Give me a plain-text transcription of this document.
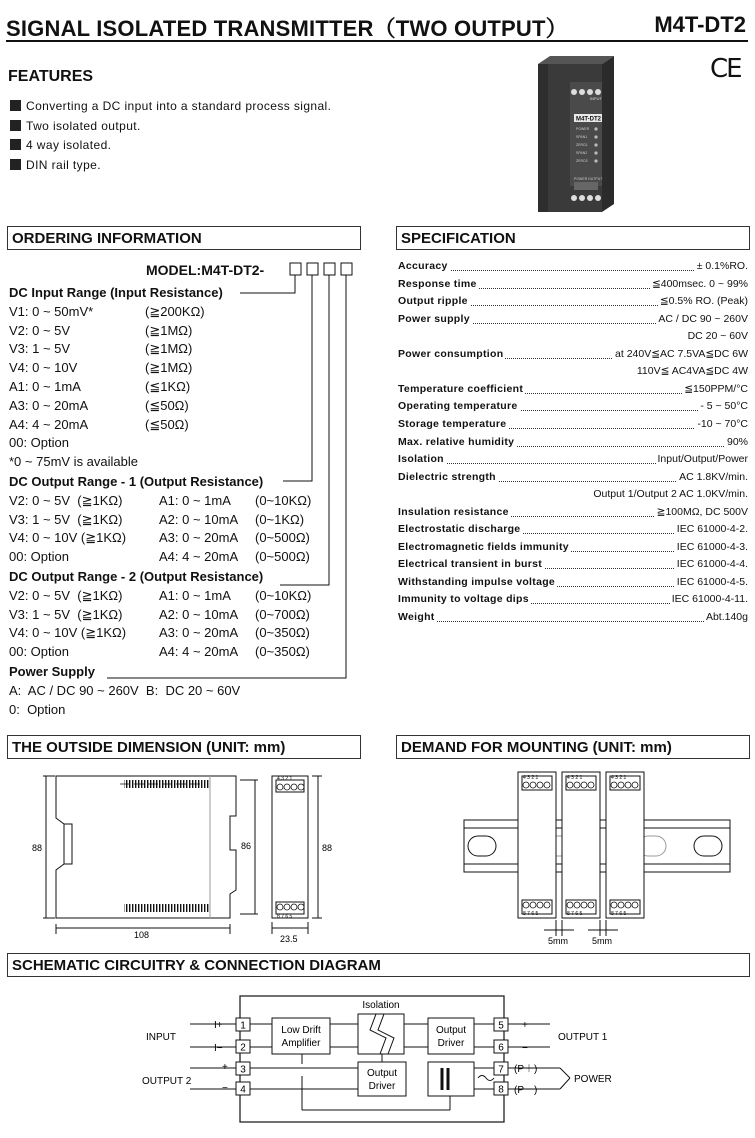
SIGNAL ISOLATED TRANSMITTER（TWO OUTPUT）	M4T-DT2
FEATURES
Converting a DC input into a standard process signal.
Two isolated output.
4 way isolated.
DIN rail type.
CE
INPUT
M4T-DT2
POWER
SPAN1
ZERO1
SPAN2
ZERO2
POWER OUTPUT
ORDERING INFORMATION
MODEL:M4T-DT2-
DC Input Range (Input Resistance)
V1: 0 ~ 50mV*	(≧200KΩ)
V2: 0 ~ 5V	(≧1MΩ)
V3: 1 ~ 5V	(≧1MΩ)
V4: 0 ~ 10V	(≧1MΩ)
A1: 0 ~ 1mA	(≦1KΩ)
A3: 0 ~ 20mA	(≦50Ω)
A4: 4 ~ 20mA	(≦50Ω)
00: Option
*0 ~ 75mV is available
DC Output Range - 1 (Output Resistance)
V2: 0 ~ 5V  (≧1KΩ)	A1: 0 ~ 1mA (0~10KΩ)
V3: 1 ~ 5V  (≧1KΩ)	A2: 0 ~ 10mA (0~1KΩ)
V4: 0 ~ 10V (≧1KΩ)	A3: 0 ~ 20mA (0~500Ω)
00: Option	A4: 4 ~ 20mA (0~500Ω)
DC Output Range - 2 (Output Resistance)
V2: 0 ~ 5V  (≧1KΩ)	A1: 0 ~ 1mA (0~10KΩ)
V3: 1 ~ 5V  (≧1KΩ)	A2: 0 ~ 10mA (0~700Ω)
V4: 0 ~ 10V (≧1KΩ)	A3: 0 ~ 20mA (0~350Ω)
00: Option	A4: 4 ~ 20mA (0~350Ω)
Power Supply
A:  AC / DC 90 ~ 260V  B:  DC 20 ~ 60V
0:  Option
SPECIFICATION
Accuracy	± 0.1%RO.
Response time	≦400msec. 0 ~ 99%
Output ripple	≦0.5% RO. (Peak)
Power supply	AC / DC 90 ~ 260V
DC 20 ~ 60V
Power consumption	at 240V≦AC 7.5VA≦DC 6W
110V≦ AC4VA≦DC 4W
Temperature coefficient	≦150PPM/°C
Operating temperature	- 5 ~ 50°C
Storage temperature	-10 ~ 70°C
Max. relative humidity	90%
Isolation	Input/Output/Power
Dielectric strength	AC 1.8KV/min.
Output 1/Output 2 AC 1.0KV/min.
Insulation resistance	≧100MΩ, DC 500V
Electrostatic discharge	IEC 61000-4-2.
Electromagnetic fields immunity	IEC 61000-4-3.
Electrical transient in burst	IEC 61000-4-4.
Withstanding impulse voltage	IEC 61000-4-5.
Immunity to voltage dips	IEC 61000-4-11.
Weight	Abt.140g
THE OUTSIDE DIMENSION (UNIT: mm)
4 3 2 1
8 7 6 5
88	86
108	23.5
88
DEMAND FOR MOUNTING (UNIT: mm)
4 3 2 1	4 3 2 1	4 3 2 1
8 7 6 5	8 7 6 5	8 7 6 5
5mm	5mm
SCHEMATIC CIRCUITRY & CONNECTION DIAGRAM
1
2
3
4
5
6
7
8
Low Drift
Amplifier
Isolation
Output
Driver
Output
Driver
INPUT
I+
I−
OUTPUT 2
+
−
+
−
OUTPUT 1
(P＋)
(P－)
POWER
